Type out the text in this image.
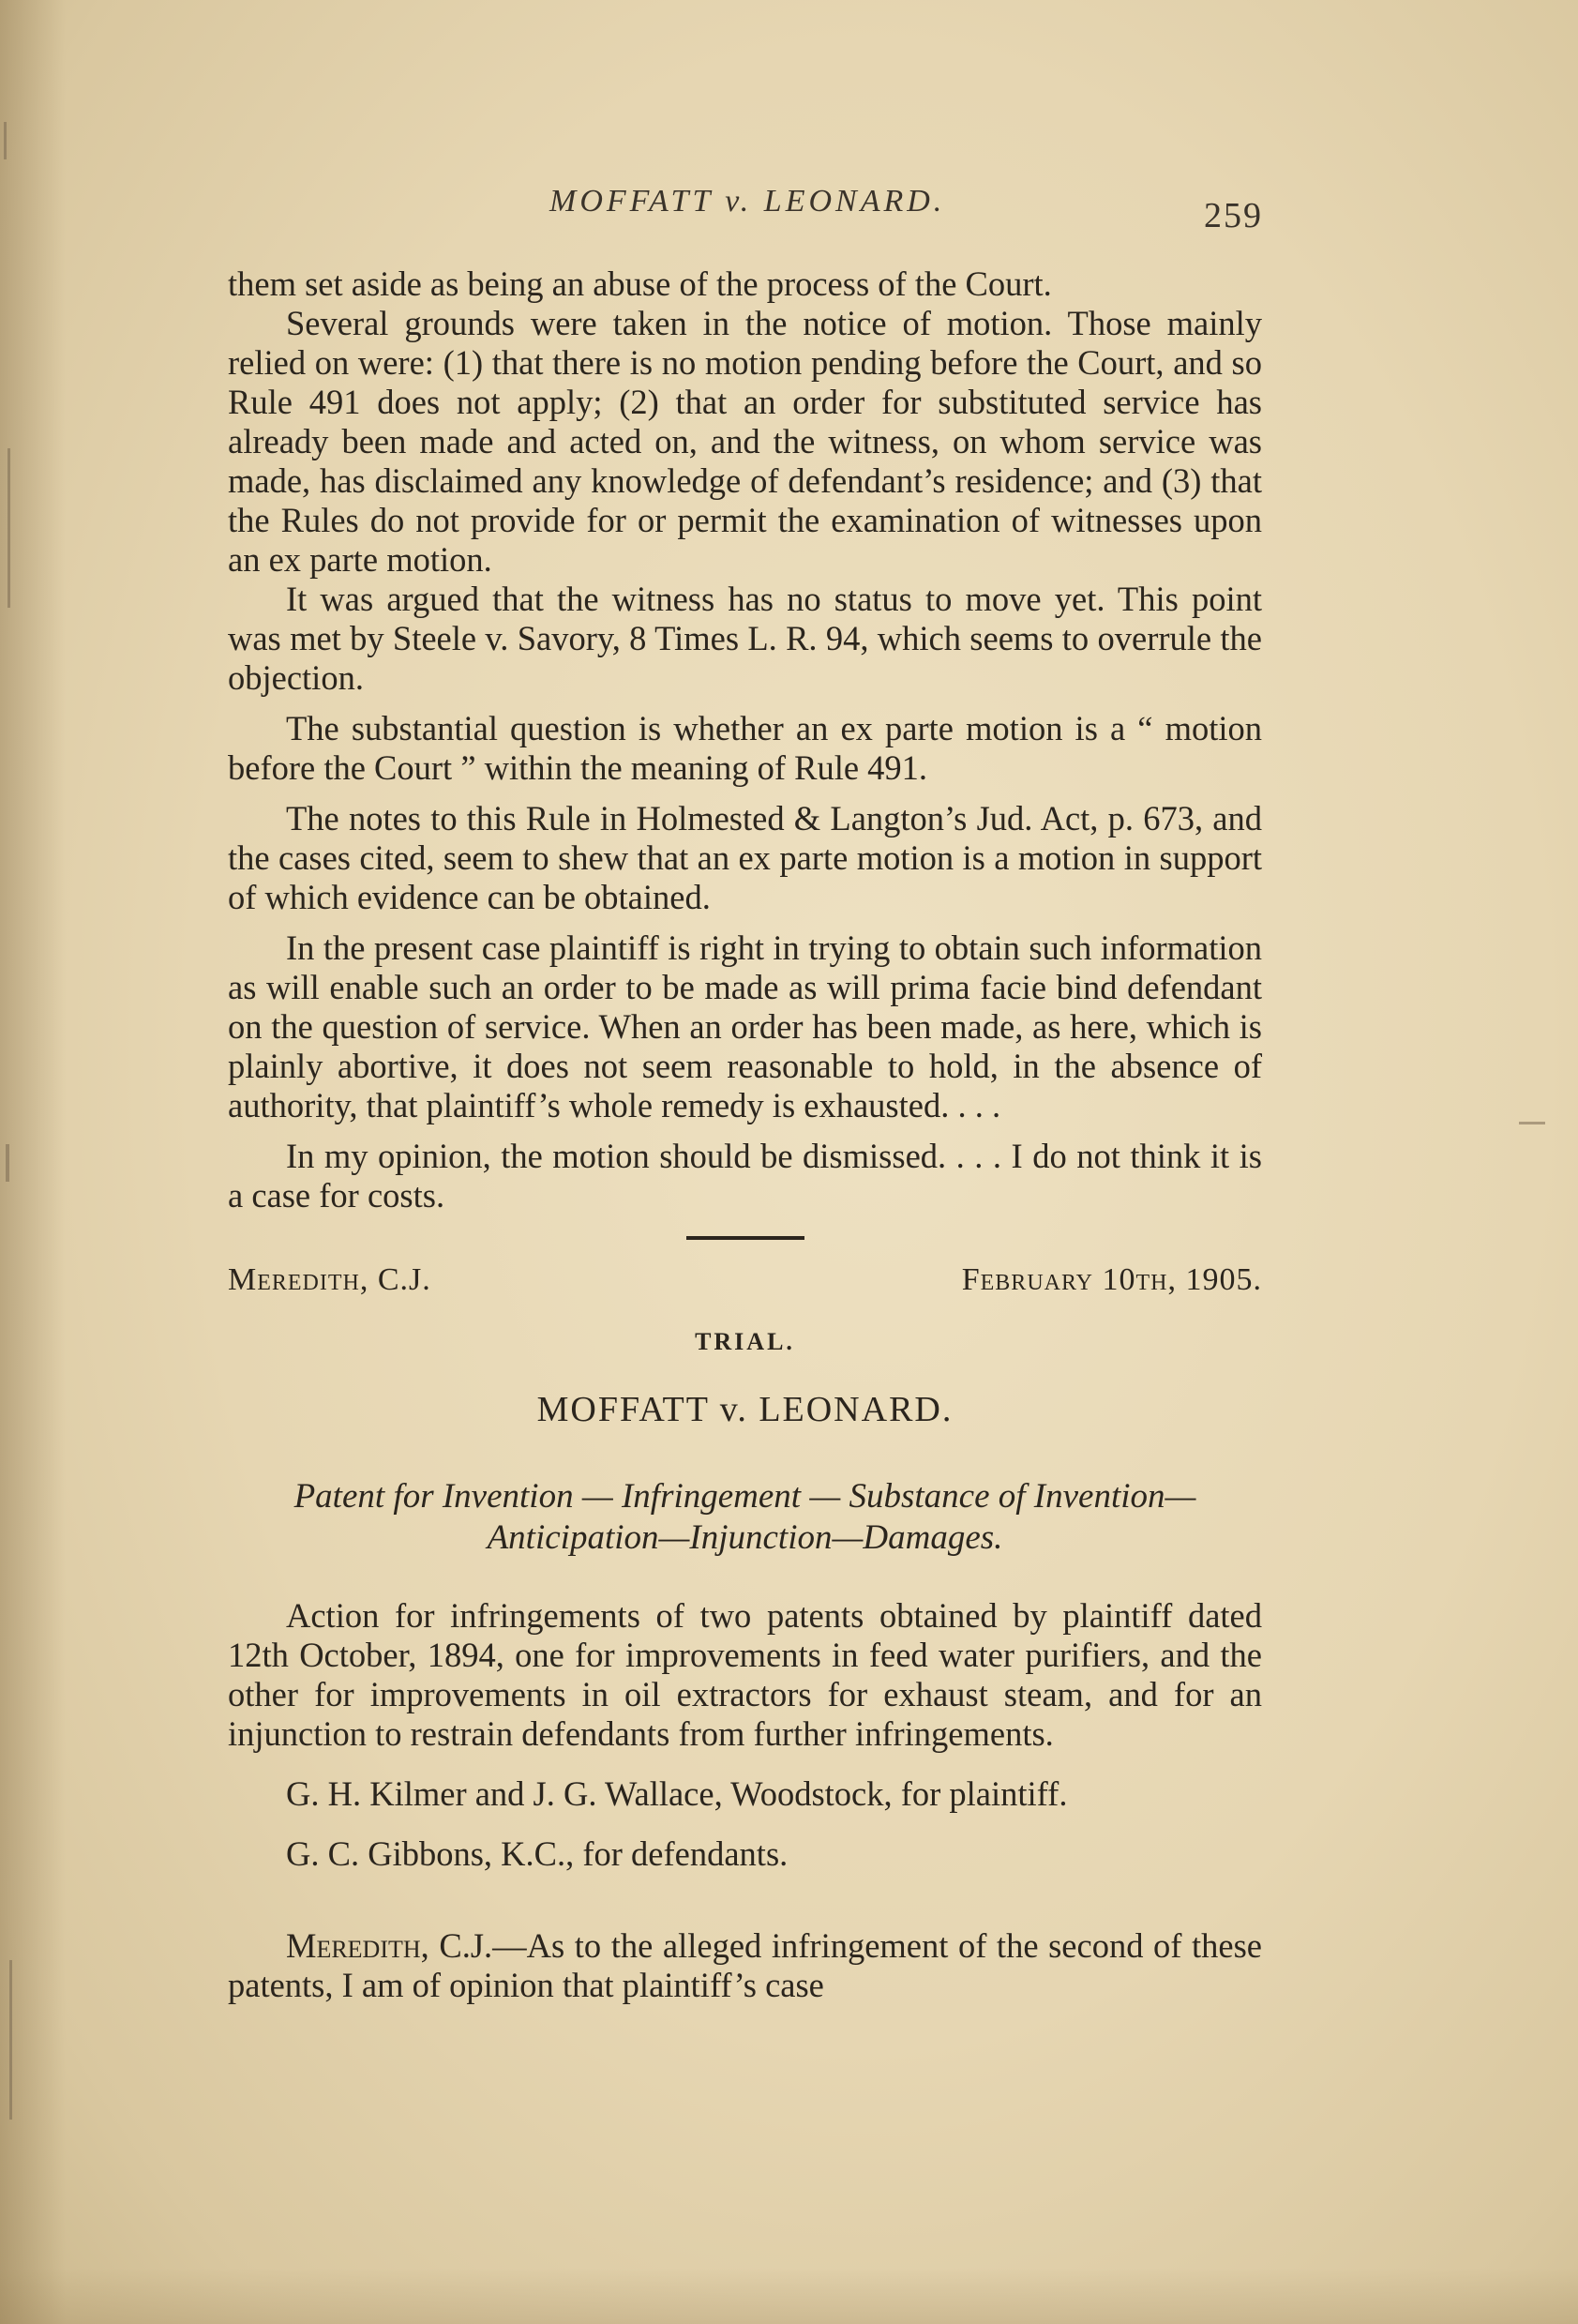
MOFFATT v. LEONARD.	259

them set aside as being an abuse of the process of the Court.

Several grounds were taken in the notice of motion. Those mainly relied on were: (1) that there is no motion pending before the Court, and so Rule 491 does not apply; (2) that an order for substituted service has already been made and acted on, and the witness, on whom service was made, has disclaimed any knowledge of defendant’s residence; and (3) that the Rules do not provide for or permit the examination of witnesses upon an ex parte motion.

It was argued that the witness has no status to move yet. This point was met by Steele v. Savory, 8 Times L. R. 94, which seems to overrule the objection.

The substantial question is whether an ex parte motion is a “ motion before the Court ” within the meaning of Rule 491.

The notes to this Rule in Holmested & Langton’s Jud. Act, p. 673, and the cases cited, seem to shew that an ex parte motion is a motion in support of which evidence can be obtained.

In the present case plaintiff is right in trying to obtain such information as will enable such an order to be made as will prima facie bind defendant on the question of service. When an order has been made, as here, which is plainly abortive, it does not seem reasonable to hold, in the absence of authority, that plaintiff’s whole remedy is exhausted. . . .

In my opinion, the motion should be dismissed. . . . I do not think it is a case for costs.

Meredith, C.J.	February 10th, 1905.
TRIAL.
MOFFATT v. LEONARD.
Patent for Invention — Infringement — Substance of Invention—Anticipation—Injunction—Damages.

Action for infringements of two patents obtained by plaintiff dated 12th October, 1894, one for improvements in feed water purifiers, and the other for improvements in oil extractors for exhaust steam, and for an injunction to restrain defendants from further infringements.

G. H. Kilmer and J. G. Wallace, Woodstock, for plaintiff.

G. C. Gibbons, K.C., for defendants.

Meredith, C.J.—As to the alleged infringement of the second of these patents, I am of opinion that plaintiff’s case
